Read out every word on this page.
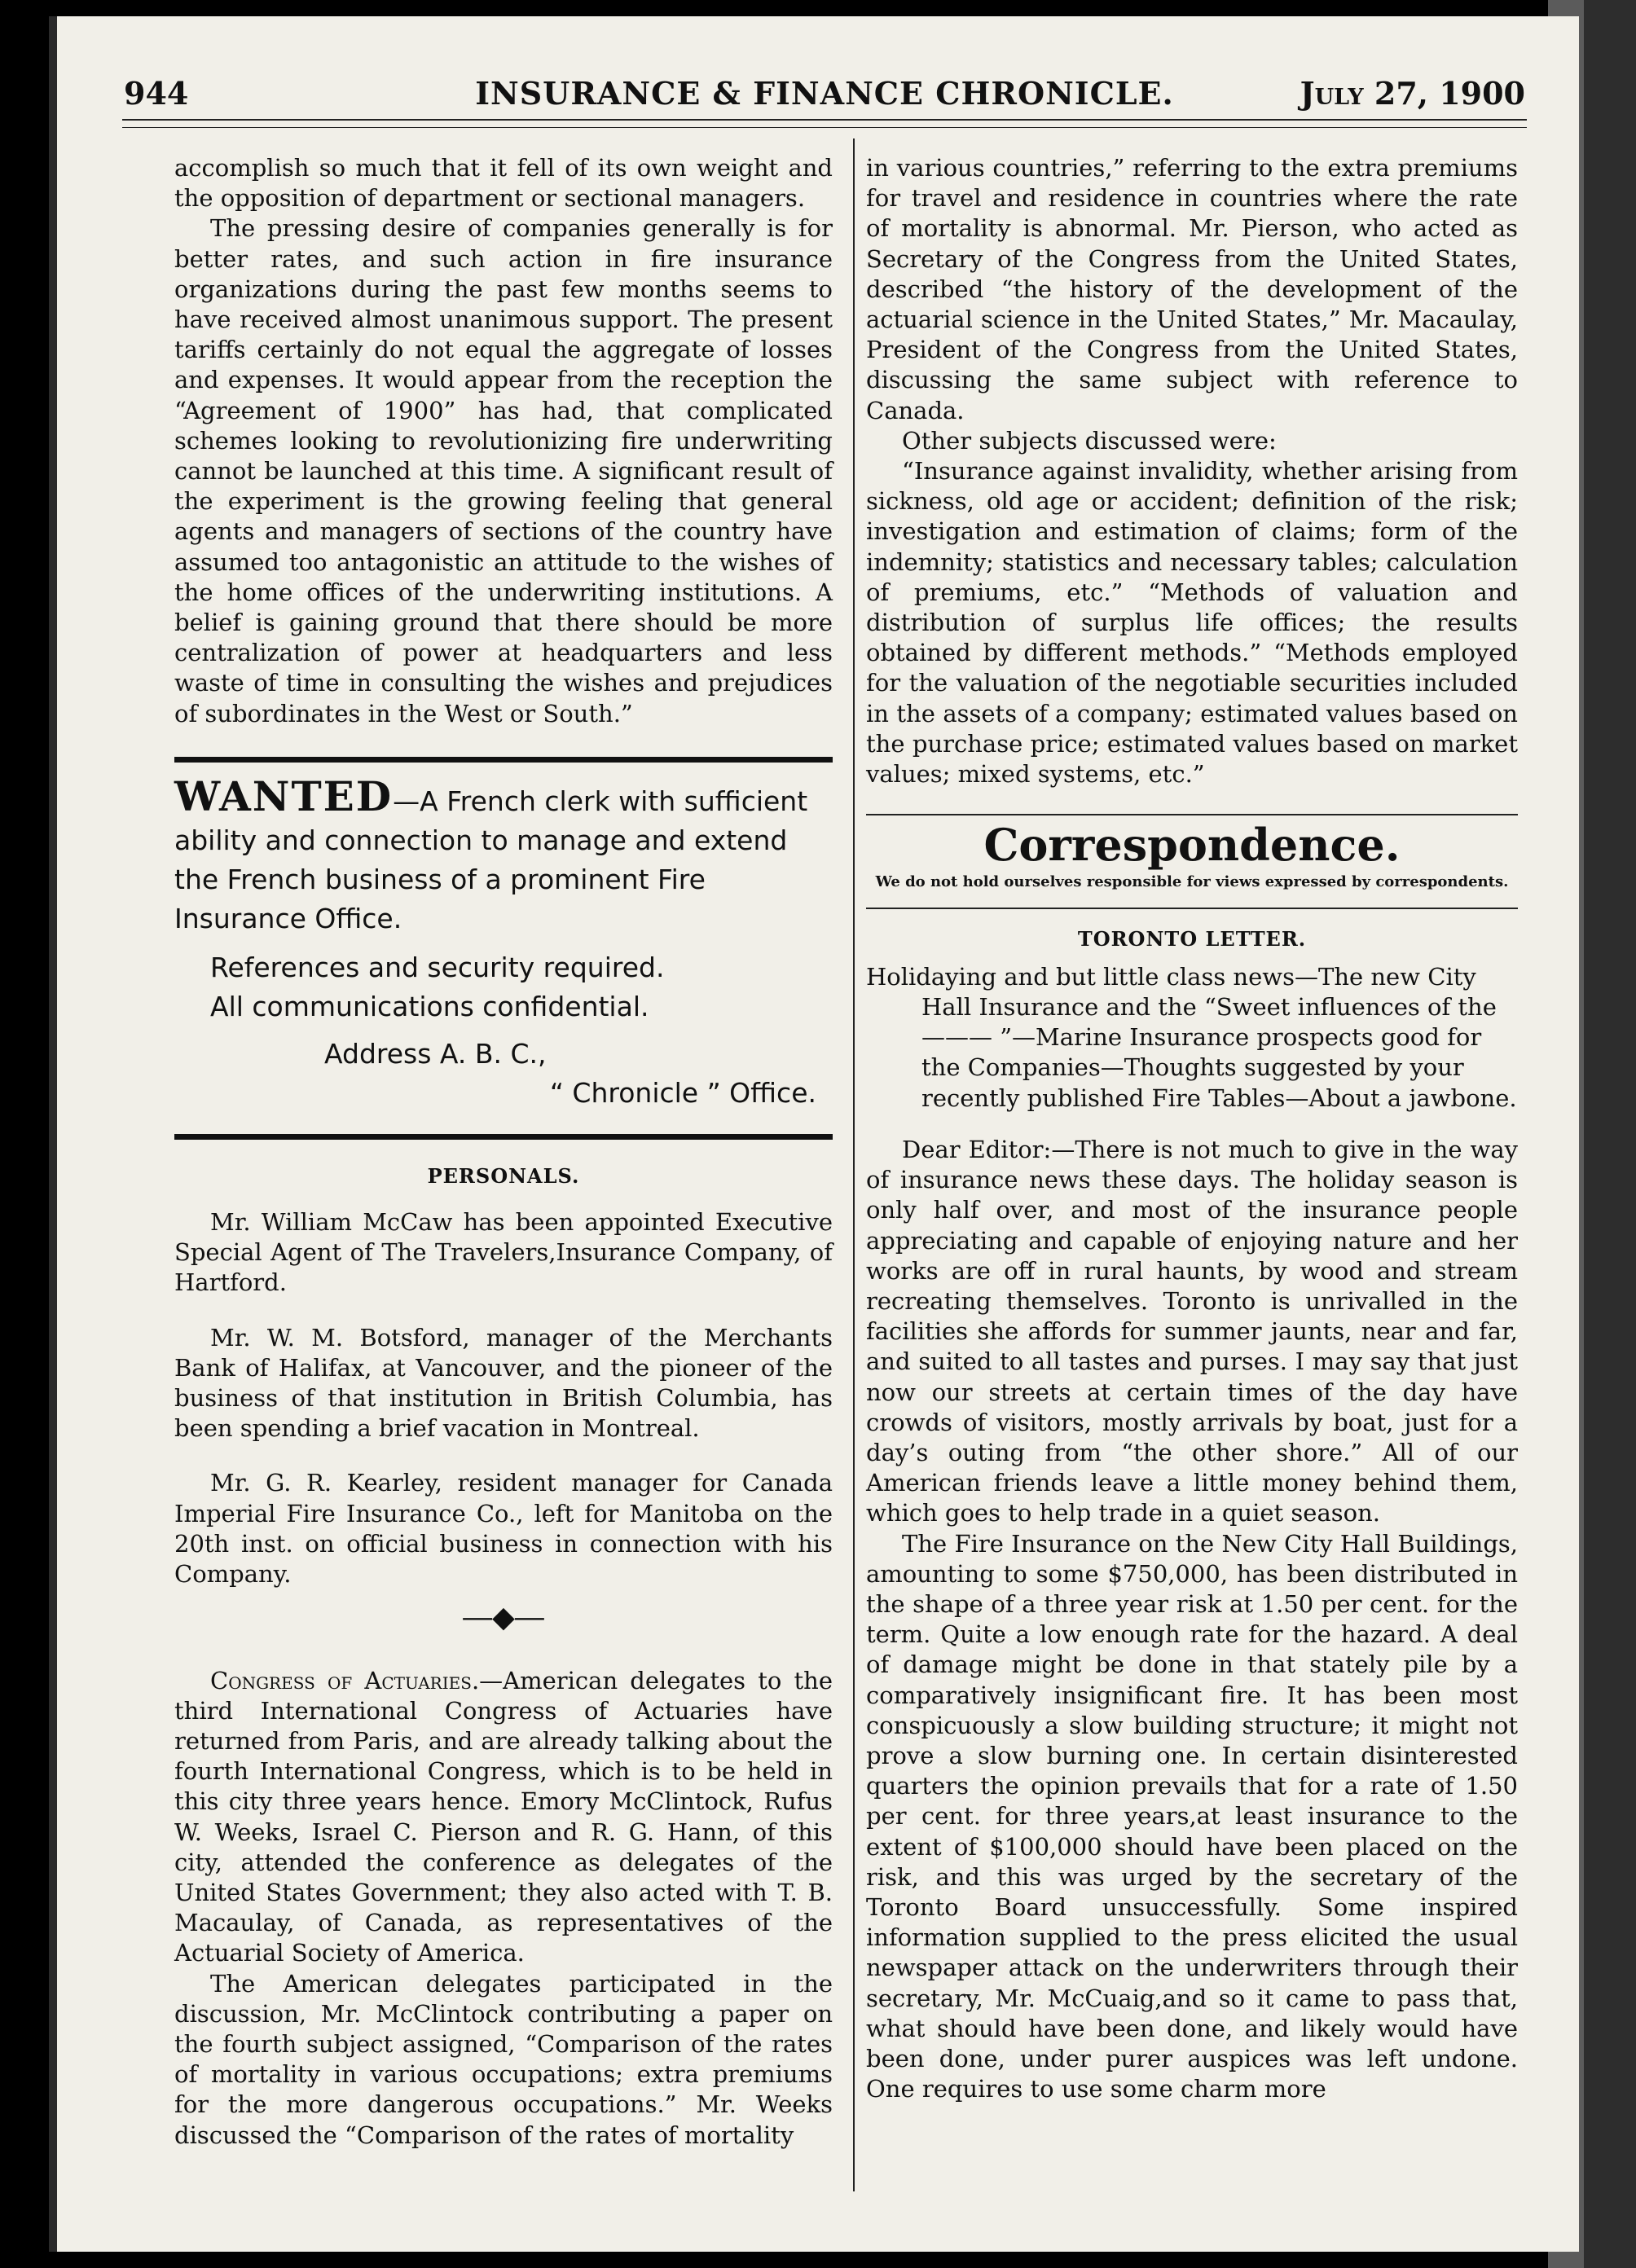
944	INSURANCE & FINANCE CHRONICLE.	July 27, 1900

accomplish so much that it fell of its own weight and the opposition of department or sectional managers.

The pressing desire of companies generally is for better rates, and such action in fire insurance organizations during the past few months seems to have received almost unanimous support. The present tariffs certainly do not equal the aggregate of losses and expenses. It would appear from the reception the “Agreement of 1900” has had, that complicated schemes looking to revolutionizing fire underwriting cannot be launched at this time. A significant result of the experiment is the growing feeling that general agents and managers of sections of the country have assumed too antagonistic an attitude to the wishes of the home offices of the underwriting institutions. A belief is gaining ground that there should be more centralization of power at headquarters and less waste of time in consulting the wishes and prejudices of subordinates in the West or South.”

WANTED—A French clerk with sufficient ability and connection to manage and extend the French business of a prominent Fire Insurance Office.

References and security required.

All communications confidential.

Address A. B. C.,

“ Chronicle ” Office.

PERSONALS.

Mr. William McCaw has been appointed Executive Special Agent of The Travelers,Insurance Company, of Hartford.

Mr. W. M. Botsford, manager of the Merchants Bank of Halifax, at Vancouver, and the pioneer of the business of that institution in British Columbia, has been spending a brief vacation in Montreal.

Mr. G. R. Kearley, resident manager for Canada Imperial Fire Insurance Co., left for Manitoba on the 20th inst. on official business in connection with his Company.

―◆―

Congress of Actuaries.—American delegates to the third International Congress of Actuaries have returned from Paris, and are already talking about the fourth International Congress, which is to be held in this city three years hence. Emory McClintock, Rufus W. Weeks, Israel C. Pierson and R. G. Hann, of this city, attended the conference as delegates of the United States Government; they also acted with T. B. Macaulay, of Canada, as representatives of the Actuarial Society of America.

The American delegates participated in the discussion, Mr. McClintock contributing a paper on the fourth subject assigned, “Comparison of the rates of mortality in various occupations; extra premiums for the more dangerous occupations.” Mr. Weeks discussed the “Comparison of the rates of mortality

in various countries,” referring to the extra premiums for travel and residence in countries where the rate of mortality is abnormal. Mr. Pierson, who acted as Secretary of the Congress from the United States, described “the history of the development of the actuarial science in the United States,” Mr. Macaulay, President of the Congress from the United States, discussing the same subject with reference to Canada.

Other subjects discussed were:

“Insurance against invalidity, whether arising from sickness, old age or accident; definition of the risk; investigation and estimation of claims; form of the indemnity; statistics and necessary tables; calculation of premiums, etc.” “Methods of valuation and distribution of surplus life offices; the results obtained by different methods.” “Methods employed for the valuation of the negotiable securities included in the assets of a company; estimated values based on the purchase price; estimated values based on market values; mixed systems, etc.”

Correspondence.
We do not hold ourselves responsible for views expressed by correspondents.
TORONTO LETTER.

Holidaying and but little class news—The new City Hall Insurance and the “Sweet influences of the ——— ”—Marine Insurance prospects good for the Companies—Thoughts suggested by your recently published Fire Tables—About a jawbone.

Dear Editor:—There is not much to give in the way of insurance news these days. The holiday season is only half over, and most of the insurance people appreciating and capable of enjoying nature and her works are off in rural haunts, by wood and stream recreating themselves. Toronto is unrivalled in the facilities she affords for summer jaunts, near and far, and suited to all tastes and purses. I may say that just now our streets at certain times of the day have crowds of visitors, mostly arrivals by boat, just for a day’s outing from “the other shore.” All of our American friends leave a little money behind them, which goes to help trade in a quiet season.

The Fire Insurance on the New City Hall Buildings, amounting to some $750,000, has been distributed in the shape of a three year risk at 1.50 per cent. for the term. Quite a low enough rate for the hazard. A deal of damage might be done in that stately pile by a comparatively insignificant fire. It has been most conspicuously a slow building structure; it might not prove a slow burning one. In certain disinterested quarters the opinion prevails that for a rate of 1.50 per cent. for three years,at least insurance to the extent of $100,000 should have been placed on the risk, and this was urged by the secretary of the Toronto Board unsuccessfully. Some inspired information supplied to the press elicited the usual newspaper attack on the underwriters through their secretary, Mr. McCuaig,and so it came to pass that, what should have been done, and likely would have been done, under purer auspices was left undone. One requires to use some charm more
